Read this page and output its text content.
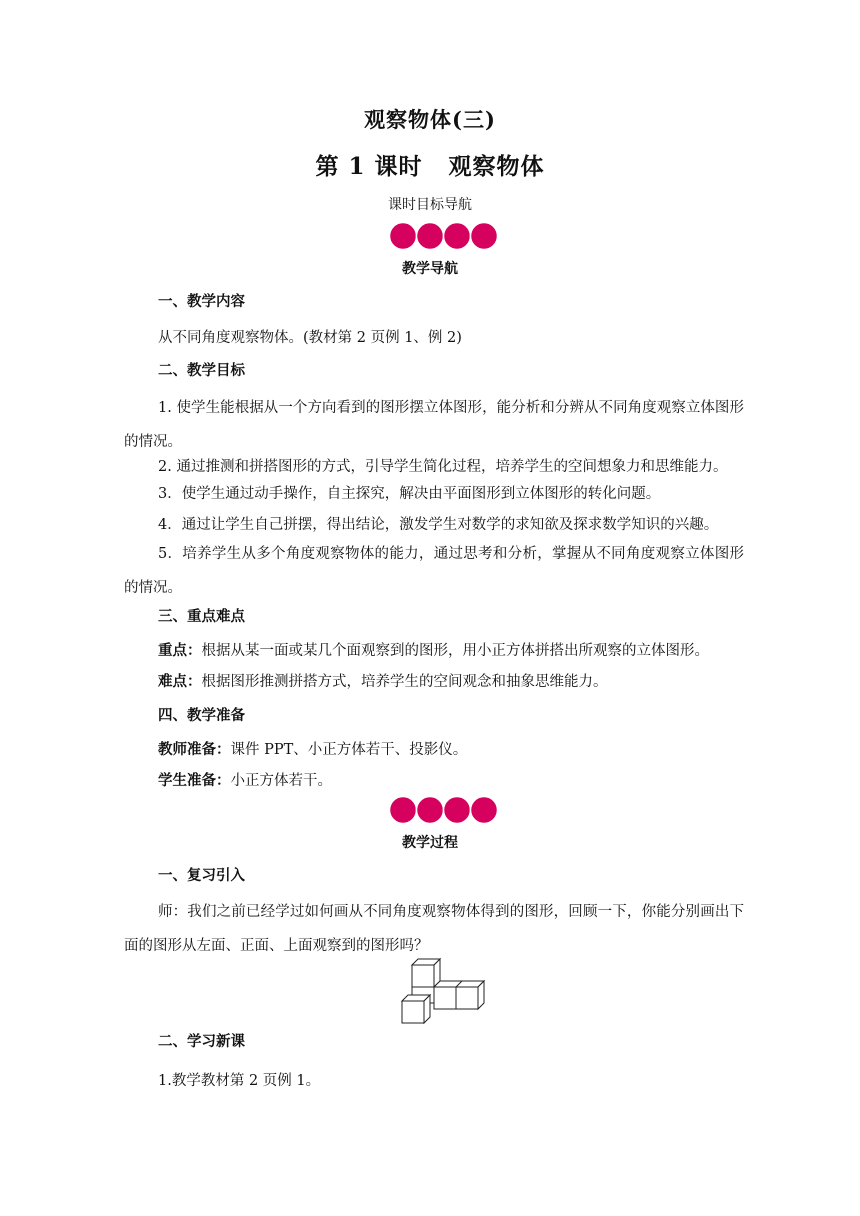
观察物体(三)
第 1 课时 观察物体
课时目标导航
教学导航
一、教学内容
从不同角度观察物体。(教材第 2 页例 1、例 2)
二、教学目标
1. 使学生能根据从一个方向看到的图形摆立体图形，能分析和分辨从不同角度观察立体图形的情况。
2. 通过推测和拼搭图形的方式，引导学生简化过程，培养学生的空间想象力和思维能力。
3．使学生通过动手操作，自主探究，解决由平面图形到立体图形的转化问题。
4．通过让学生自己拼摆，得出结论，激发学生对数学的求知欲及探求数学知识的兴趣。
5．培养学生从多个角度观察物体的能力，通过思考和分析，掌握从不同角度观察立体图形的情况。
三、重点难点
重点：根据从某一面或某几个面观察到的图形，用小正方体拼搭出所观察的立体图形。
难点：根据图形推测拼搭方式，培养学生的空间观念和抽象思维能力。
四、教学准备
教师准备：课件 PPT、小正方体若干、投影仪。
学生准备：小正方体若干。
教学过程
一、复习引入
师：我们之前已经学过如何画从不同角度观察物体得到的图形，回顾一下，你能分别画出下面的图形从左面、正面、上面观察到的图形吗？
二、学习新课
1.教学教材第 2 页例 1。
